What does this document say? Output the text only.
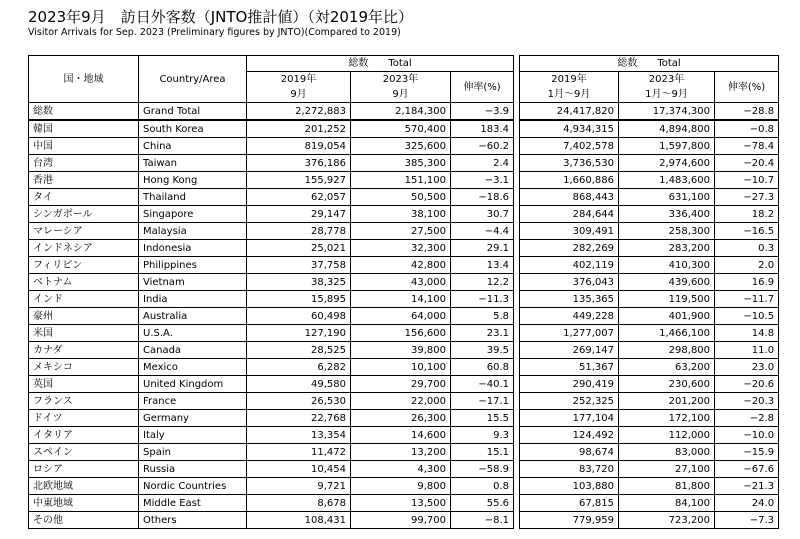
2023年9月　訪日外客数（JNTO推計値）（対2019年比）
Visitor Arrivals for Sep. 2023 (Preliminary figures by JNTO)(Compared to 2019)
国・地域	Country/Area	総数　　Total				総数　　Total		
		2019年	2023年	伸率(%)		2019年	2023年	伸率(%)
		9月	9月			1月～9月	1月～9月	
総数	Grand Total	2,272,883	2,184,300	−3.9		24,417,820	17,374,300	−28.8
韓国	South Korea	201,252	570,400	183.4		4,934,315	4,894,800	−0.8
中国	China	819,054	325,600	−60.2		7,402,578	1,597,800	−78.4
台湾	Taiwan	376,186	385,300	2.4		3,736,530	2,974,600	−20.4
香港	Hong Kong	155,927	151,100	−3.1		1,660,886	1,483,600	−10.7
タイ	Thailand	62,057	50,500	−18.6		868,443	631,100	−27.3
シンガポール	Singapore	29,147	38,100	30.7		284,644	336,400	18.2
マレーシア	Malaysia	28,778	27,500	−4.4		309,491	258,300	−16.5
インドネシア	Indonesia	25,021	32,300	29.1		282,269	283,200	0.3
フィリピン	Philippines	37,758	42,800	13.4		402,119	410,300	2.0
ベトナム	Vietnam	38,325	43,000	12.2		376,043	439,600	16.9
インド	India	15,895	14,100	−11.3		135,365	119,500	−11.7
豪州	Australia	60,498	64,000	5.8		449,228	401,900	−10.5
米国	U.S.A.	127,190	156,600	23.1		1,277,007	1,466,100	14.8
カナダ	Canada	28,525	39,800	39.5		269,147	298,800	11.0
メキシコ	Mexico	6,282	10,100	60.8		51,367	63,200	23.0
英国	United Kingdom	49,580	29,700	−40.1		290,419	230,600	−20.6
フランス	France	26,530	22,000	−17.1		252,325	201,200	−20.3
ドイツ	Germany	22,768	26,300	15.5		177,104	172,100	−2.8
イタリア	Italy	13,354	14,600	9.3		124,492	112,000	−10.0
スペイン	Spain	11,472	13,200	15.1		98,674	83,000	−15.9
ロシア	Russia	10,454	4,300	−58.9		83,720	27,100	−67.6
北欧地域	Nordic Countries	9,721	9,800	0.8		103,880	81,800	−21.3
中東地域	Middle East	8,678	13,500	55.6		67,815	84,100	24.0
その他	Others	108,431	99,700	−8.1		779,959	723,200	−7.3
